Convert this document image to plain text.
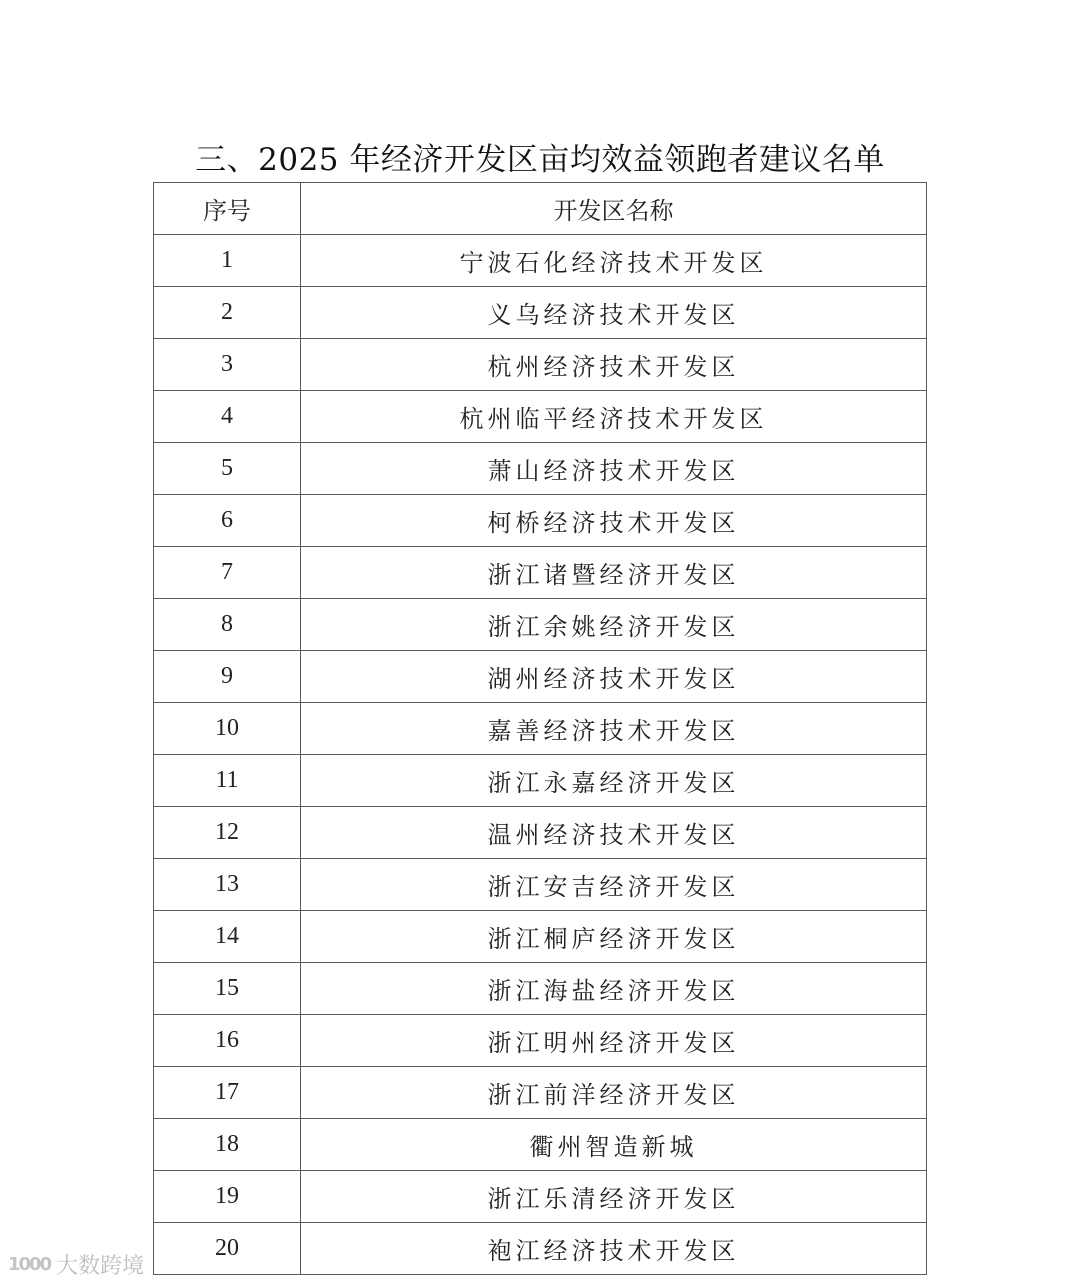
三、2025 年经济开发区亩均效益领跑者建议名单
序号	开发区名称
1	宁波石化经济技术开发区
2	义乌经济技术开发区
3	杭州经济技术开发区
4	杭州临平经济技术开发区
5	萧山经济技术开发区
6	柯桥经济技术开发区
7	浙江诸暨经济开发区
8	浙江余姚经济开发区
9	湖州经济技术开发区
10	嘉善经济技术开发区
11	浙江永嘉经济开发区
12	温州经济技术开发区
13	浙江安吉经济开发区
14	浙江桐庐经济开发区
15	浙江海盐经济开发区
16	浙江明州经济开发区
17	浙江前洋经济开发区
18	衢州智造新城
19	浙江乐清经济开发区
20	袍江经济技术开发区
1000 大数跨境
